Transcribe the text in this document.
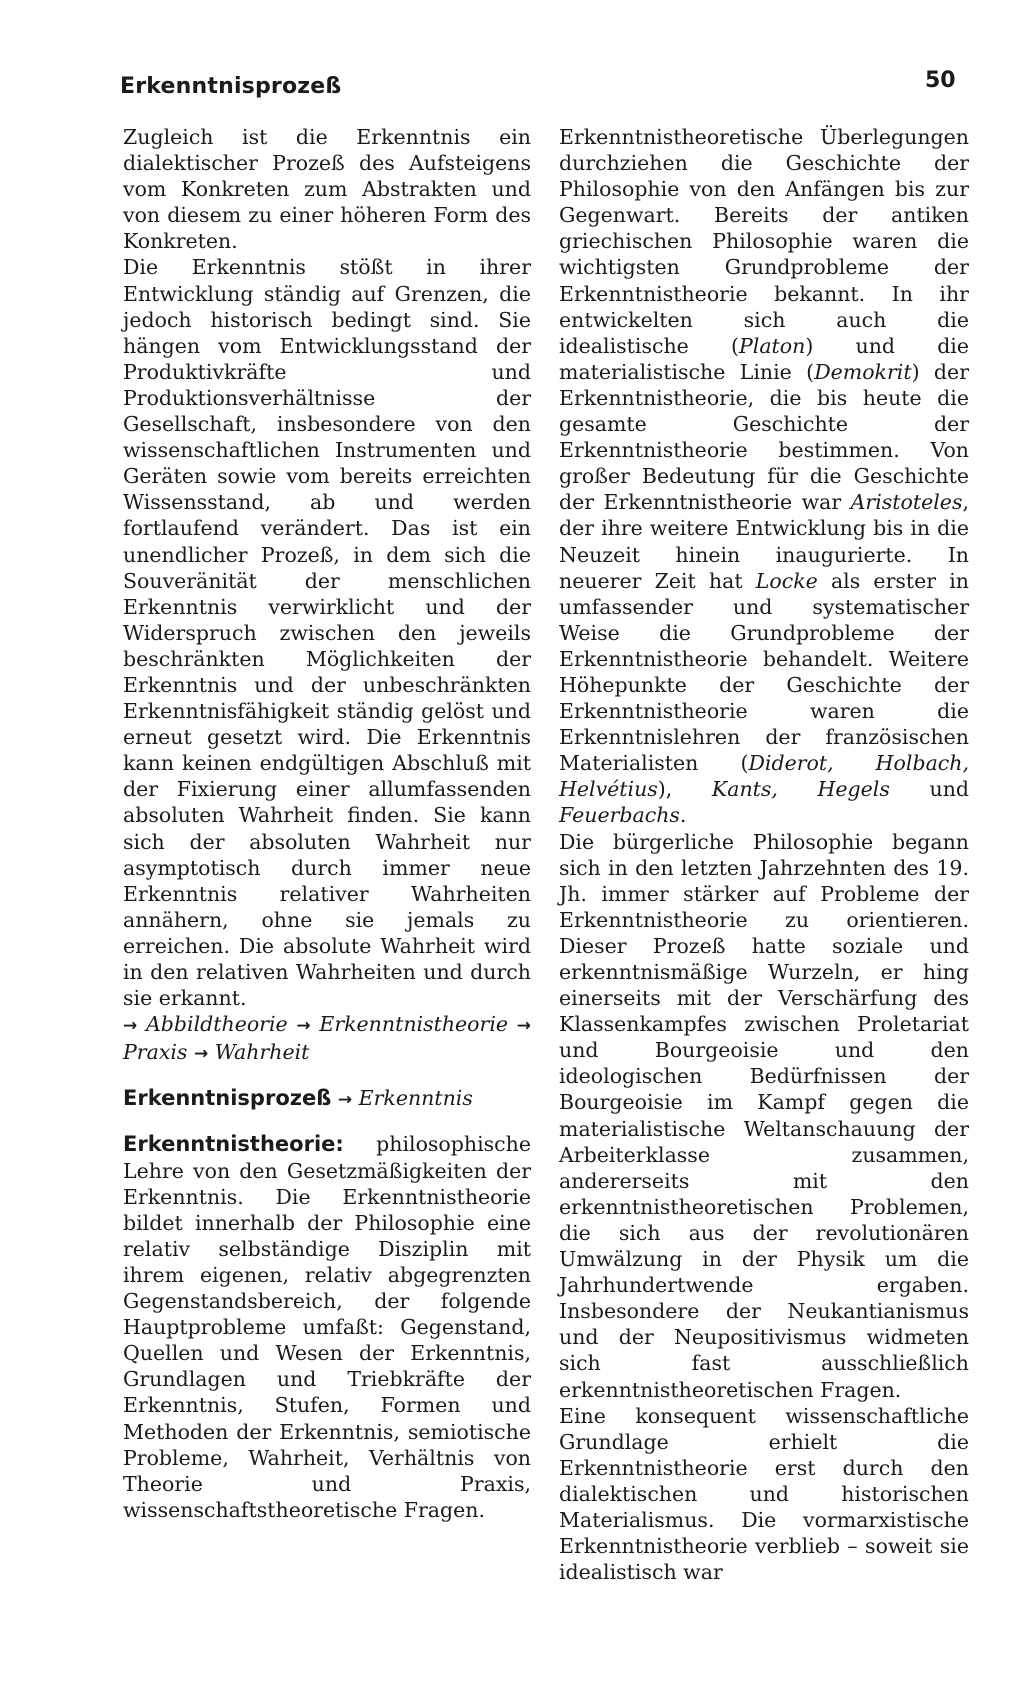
Erkenntnisprozeß	50

Zugleich ist die Erkenntnis ein dialektischer Prozeß des Aufsteigens vom Konkreten zum Abstrakten und von diesem zu einer höheren Form des Konkreten.

Die Erkenntnis stößt in ihrer Entwicklung ständig auf Grenzen, die jedoch historisch bedingt sind. Sie hängen vom Entwicklungsstand der Produktivkräfte und Produktionsverhältnisse der Gesellschaft, insbesondere von den wissenschaftlichen Instrumenten und Geräten sowie vom bereits erreichten Wissensstand, ab und werden fortlaufend verändert. Das ist ein unendlicher Prozeß, in dem sich die Souveränität der menschlichen Erkenntnis verwirklicht und der Widerspruch zwischen den jeweils beschränkten Möglichkeiten der Erkenntnis und der unbeschränkten Erkenntnisfähigkeit ständig gelöst und erneut gesetzt wird. Die Erkenntnis kann keinen endgültigen Abschluß mit der Fixierung einer allumfassenden absoluten Wahrheit finden. Sie kann sich der absoluten Wahrheit nur asymptotisch durch immer neue Erkenntnis relativer Wahrheiten annähern, ohne sie jemals zu erreichen. Die absolute Wahrheit wird in den relativen Wahrheiten und durch sie erkannt.

→ Abbildtheorie → Erkenntnistheorie → Praxis → Wahrheit

Erkenntnisprozeß → Erkenntnis

Erkenntnistheorie: philosophische Lehre von den Gesetzmäßigkeiten der Erkenntnis. Die Erkenntnistheorie bildet innerhalb der Philosophie eine relativ selbständige Disziplin mit ihrem eigenen, relativ abgegrenzten Gegenstandsbereich, der folgende Hauptprobleme umfaßt: Gegenstand, Quellen und Wesen der Erkenntnis, Grundlagen und Triebkräfte der Erkenntnis, Stufen, Formen und Methoden der Erkenntnis, semiotische Probleme, Wahrheit, Verhältnis von Theorie und Praxis, wissenschaftstheoretische Fragen.

Erkenntnistheoretische Überlegungen durchziehen die Geschichte der Philosophie von den Anfängen bis zur Gegenwart. Bereits der antiken griechischen Philosophie waren die wichtigsten Grundprobleme der Erkenntnistheorie bekannt. In ihr entwickelten sich auch die idealistische (Platon) und die materialistische Linie (Demokrit) der Erkenntnistheorie, die bis heute die gesamte Geschichte der Erkenntnistheorie bestimmen. Von großer Bedeutung für die Geschichte der Erkenntnistheorie war Aristoteles, der ihre weitere Entwicklung bis in die Neuzeit hinein inaugurierte. In neuerer Zeit hat Locke als erster in umfassender und systematischer Weise die Grundprobleme der Erkenntnistheorie behandelt. Weitere Höhepunkte der Geschichte der Erkenntnistheorie waren die Erkenntnislehren der französischen Materialisten (Diderot, Holbach, Helvétius), Kants, Hegels und Feuerbachs.

Die bürgerliche Philosophie begann sich in den letzten Jahrzehnten des 19. Jh. immer stärker auf Probleme der Erkenntnistheorie zu orientieren. Dieser Prozeß hatte soziale und erkenntnismäßige Wurzeln, er hing einerseits mit der Verschärfung des Klassenkampfes zwischen Proletariat und Bourgeoisie und den ideologischen Bedürfnissen der Bourgeoisie im Kampf gegen die materialistische Weltanschauung der Arbeiterklasse zusammen, andererseits mit den erkenntnistheoretischen Problemen, die sich aus der revolutionären Umwälzung in der Physik um die Jahrhundertwende ergaben. Insbesondere der Neukantianismus und der Neupositivismus widmeten sich fast ausschließlich erkenntnistheoretischen Fragen.

Eine konsequent wissenschaftliche Grundlage erhielt die Erkenntnistheorie erst durch den dialektischen und historischen Materialismus. Die vormarxistische Erkenntnistheorie verblieb – soweit sie idealistisch war
